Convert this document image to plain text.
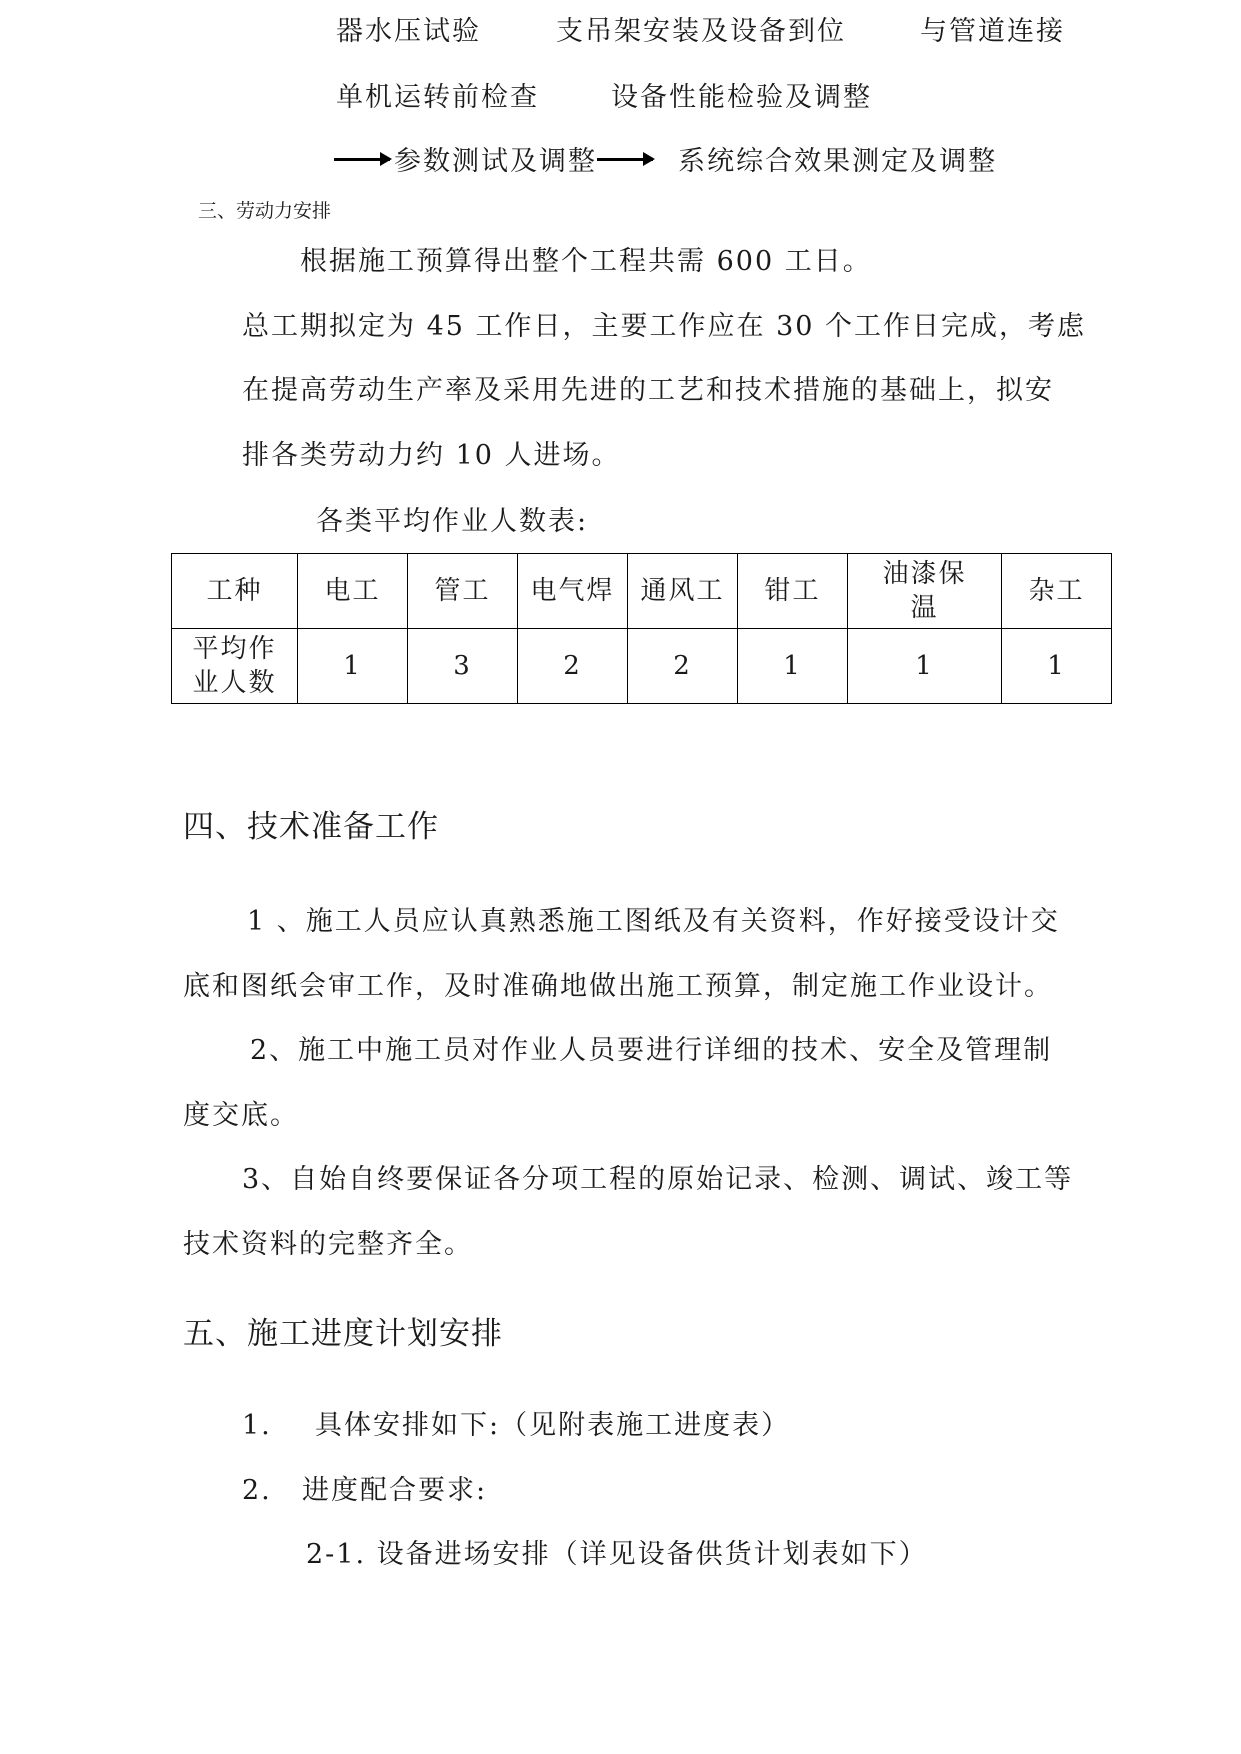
器水压试验	支吊架安装及设备到位	与管道连接
单机运转前检查	设备性能检验及调整
参数测试及调整	系统综合效果测定及调整
三、劳动力安排
根据施工预算得出整个工程共需 600 工日。
总工期拟定为 45 工作日，主要工作应在 30 个工作日完成，考虑
在提高劳动生产率及采用先进的工艺和技术措施的基础上，拟安
排各类劳动力约 10 人进场。
各类平均作业人数表:
工种	电工	管工	电气焊	通风工	钳工	油漆保温	杂工
平均作业人数	1	3	2	2	1	1	1
四、技术准备工作
1 、施工人员应认真熟悉施工图纸及有关资料，作好接受设计交
底和图纸会审工作，及时准确地做出施工预算，制定施工作业设计。
2、施工中施工员对作业人员要进行详细的技术、安全及管理制
度交底。
3、自始自终要保证各分项工程的原始记录、检测、调试、竣工等
技术资料的完整齐全。
五、施工进度计划安排
1. 具体安排如下:（见附表施工进度表）
2. 进度配合要求:
2-1. 设备进场安排（详见设备供货计划表如下）
